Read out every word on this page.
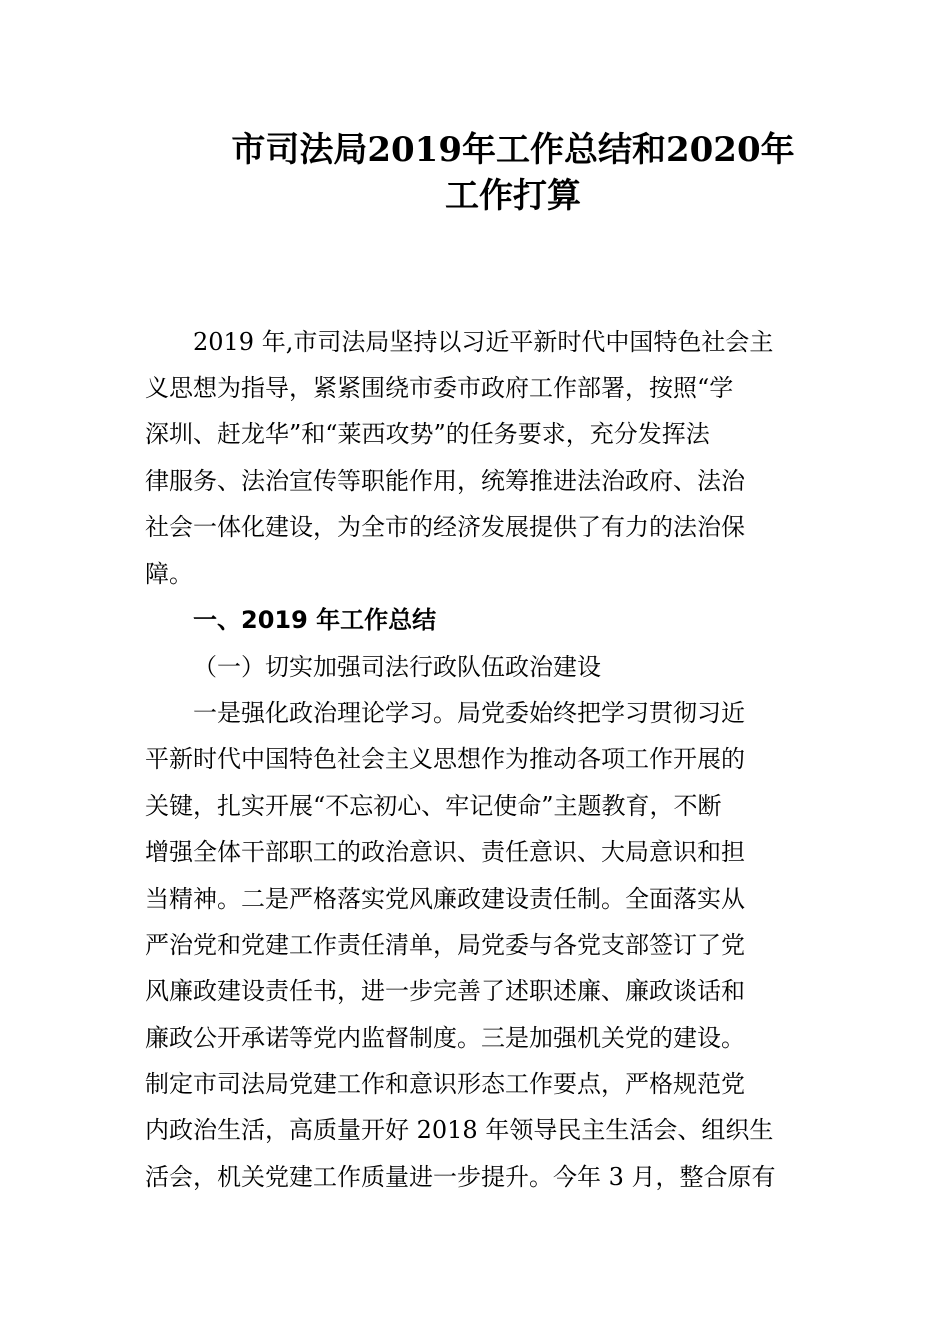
市司法局2019年工作总结和2020年
工作打算

2019 年,市司法局坚持以习近平新时代中国特色社会主

义思想为指导，紧紧围绕市委市政府工作部署，按照“学

深圳、赶龙华”和“莱西攻势”的任务要求，充分发挥法

律服务、法治宣传等职能作用，统筹推进法治政府、法治

社会一体化建设，为全市的经济发展提供了有力的法治保

障。

一、2019 年工作总结

（一）切实加强司法行政队伍政治建设

一是强化政治理论学习。局党委始终把学习贯彻习近

平新时代中国特色社会主义思想作为推动各项工作开展的

关键，扎实开展“不忘初心、牢记使命”主题教育，不断

增强全体干部职工的政治意识、责任意识、大局意识和担

当精神。二是严格落实党风廉政建设责任制。全面落实从

严治党和党建工作责任清单，局党委与各党支部签订了党

风廉政建设责任书，进一步完善了述职述廉、廉政谈话和

廉政公开承诺等党内监督制度。三是加强机关党的建设。

制定市司法局党建工作和意识形态工作要点，严格规范党

内政治生活，高质量开好 2018 年领导民主生活会、组织生

活会，机关党建工作质量进一步提升。今年 3 月，整合原有
